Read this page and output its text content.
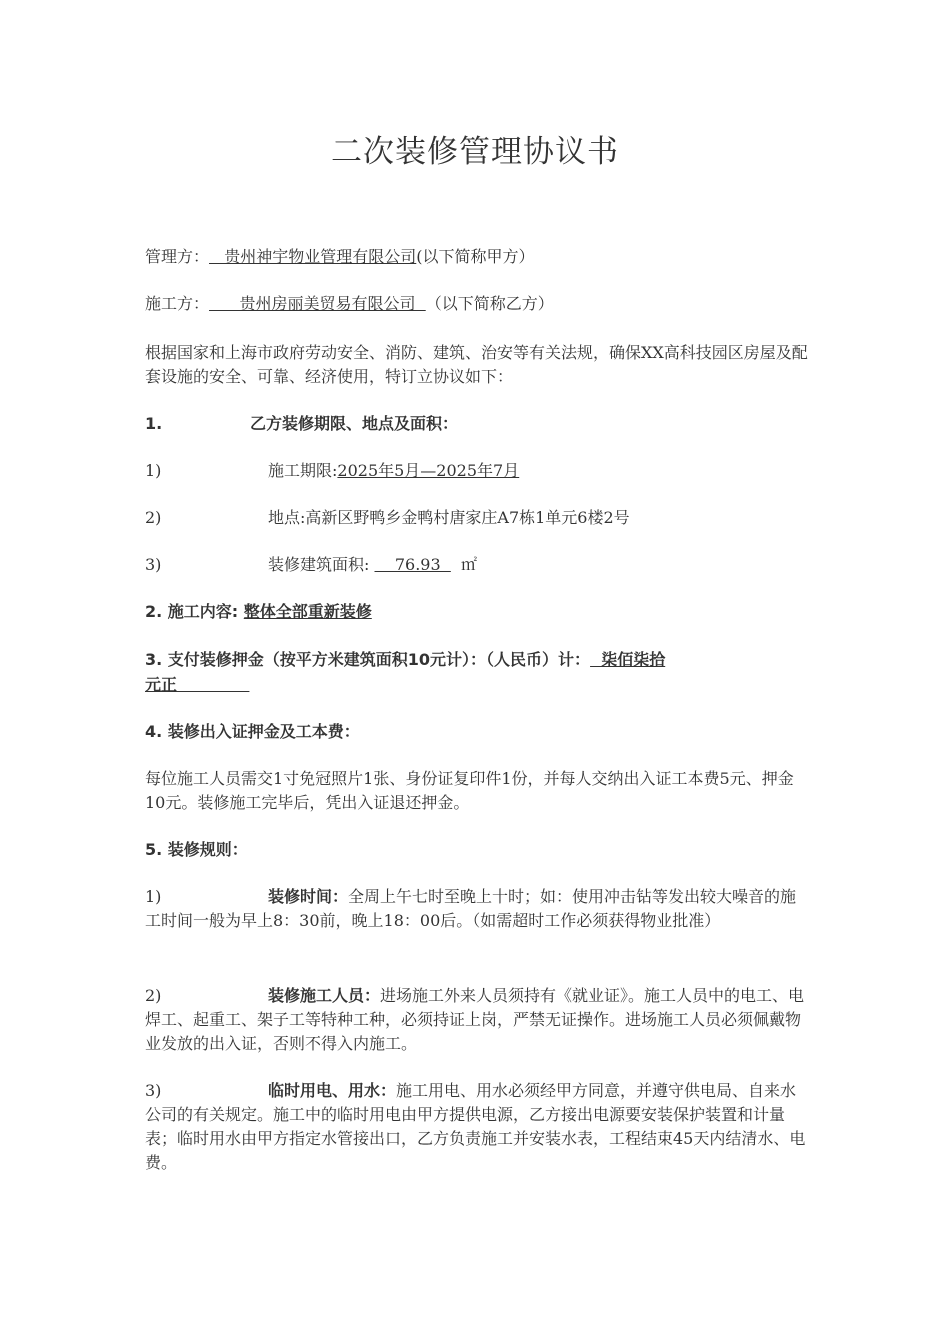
二次装修管理协议书
管理方：   贵州神宇物业管理有限公司(以下简称甲方）
施工方：      贵州房丽美贸易有限公司  （以下简称乙方）
根据国家和上海市政府劳动安全、消防、建筑、治安等有关法规，确保XX高科技园区房屋及配套设施的安全、可靠、经济使用，特订立协议如下：
1.	乙方装修期限、地点及面积：
1)	施工期限:2025年5月—2025年7月
2)	地点:高新区野鸭乡金鸭村唐家庄A7栋1单元6楼2号
3)	装修建筑面积:     76.93    ㎡
2. 施工内容: 整体全部重新装修
3. 支付装修押金（按平方米建筑面积10元计）：（人民币）计：  柒佰柒拾
元正
4. 装修出入证押金及工本费：
每位施工人员需交1寸免冠照片1张、身份证复印件1份，并每人交纳出入证工本费5元、押金10元。装修施工完毕后，凭出入证退还押金。
5. 装修规则：
1)	装修时间：全周上午七时至晚上十时；如：使用冲击钻等发出较大噪音的施工时间一般为早上8：30前，晚上18：00后。（如需超时工作必须获得物业批准）
2)	装修施工人员：进场施工外来人员须持有《就业证》。施工人员中的电工、电焊工、起重工、架子工等特种工种，必须持证上岗，严禁无证操作。进场施工人员必须佩戴物业发放的出入证，否则不得入内施工。
3)	临时用电、用水：施工用电、用水必须经甲方同意，并遵守供电局、自来水公司的有关规定。施工中的临时用电由甲方提供电源，乙方接出电源要安装保护装置和计量表；临时用水由甲方指定水管接出口，乙方负责施工并安装水表，工程结束45天内结清水、电费。
